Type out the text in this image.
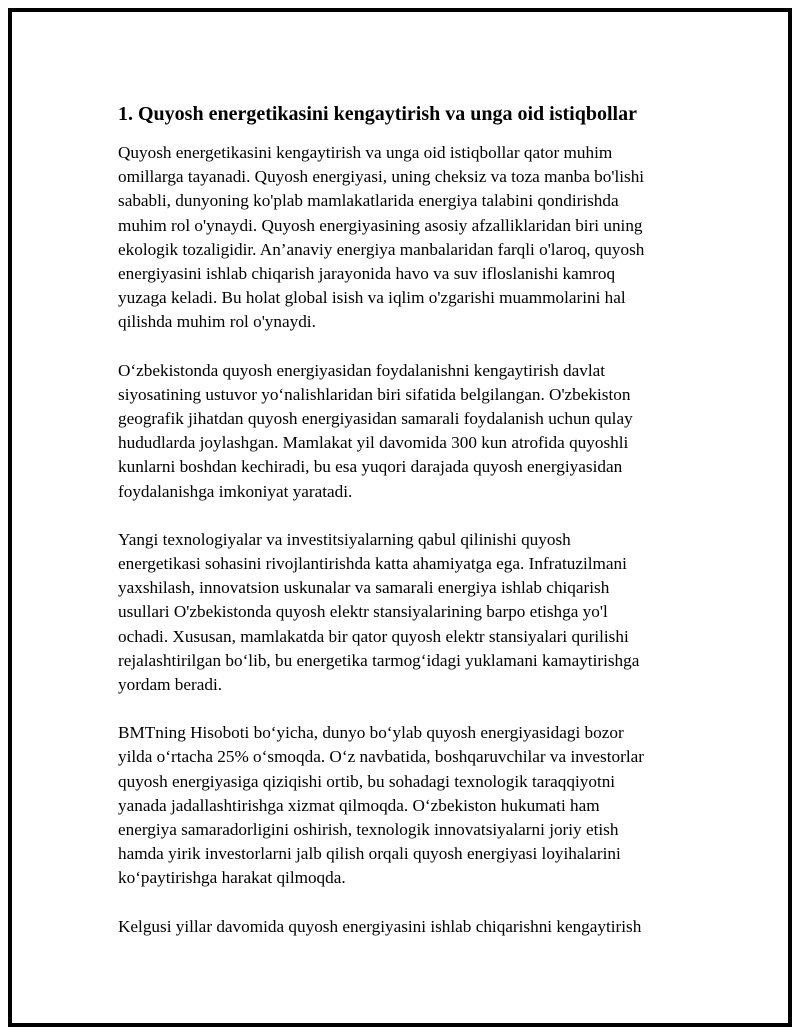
1. Quyosh energetikasini kengaytirish va unga oid istiqbollar

Quyosh energetikasini kengaytirish va unga oid istiqbollar qator muhim
omillarga tayanadi. Quyosh energiyasi, uning cheksiz va toza manba bo'lishi
sababli, dunyoning ko'plab mamlakatlarida energiya talabini qondirishda
muhim rol o'ynaydi. Quyosh energiyasining asosiy afzalliklaridan biri uning
ekologik tozaligidir. An’anaviy energiya manbalaridan farqli o'laroq, quyosh
energiyasini ishlab chiqarish jarayonida havo va suv ifloslanishi kamroq
yuzaga keladi. Bu holat global isish va iqlim o'zgarishi muammolarini hal
qilishda muhim rol o'ynaydi.

O‘zbekistonda quyosh energiyasidan foydalanishni kengaytirish davlat
siyosatining ustuvor yo‘nalishlaridan biri sifatida belgilangan. O'zbekiston
geografik jihatdan quyosh energiyasidan samarali foydalanish uchun qulay
hududlarda joylashgan. Mamlakat yil davomida 300 kun atrofida quyoshli
kunlarni boshdan kechiradi, bu esa yuqori darajada quyosh energiyasidan
foydalanishga imkoniyat yaratadi.

Yangi texnologiyalar va investitsiyalarning qabul qilinishi quyosh
energetikasi sohasini rivojlantirishda katta ahamiyatga ega. Infratuzilmani
yaxshilash, innovatsion uskunalar va samarali energiya ishlab chiqarish
usullari O'zbekistonda quyosh elektr stansiyalarining barpo etishga yo'l
ochadi. Xususan, mamlakatda bir qator quyosh elektr stansiyalari qurilishi
rejalashtirilgan bo‘lib, bu energetika tarmog‘idagi yuklamani kamaytirishga
yordam beradi.

BMTning Hisoboti bo‘yicha, dunyo bo‘ylab quyosh energiyasidagi bozor
yilda o‘rtacha 25% o‘smoqda. O‘z navbatida, boshqaruvchilar va investorlar
quyosh energiyasiga qiziqishi ortib, bu sohadagi texnologik taraqqiyotni
yanada jadallashtirishga xizmat qilmoqda. O‘zbekiston hukumati ham
energiya samaradorligini oshirish, texnologik innovatsiyalarni joriy etish
hamda yirik investorlarni jalb qilish orqali quyosh energiyasi loyihalarini
ko‘paytirishga harakat qilmoqda.

Kelgusi yillar davomida quyosh energiyasini ishlab chiqarishni kengaytirish
